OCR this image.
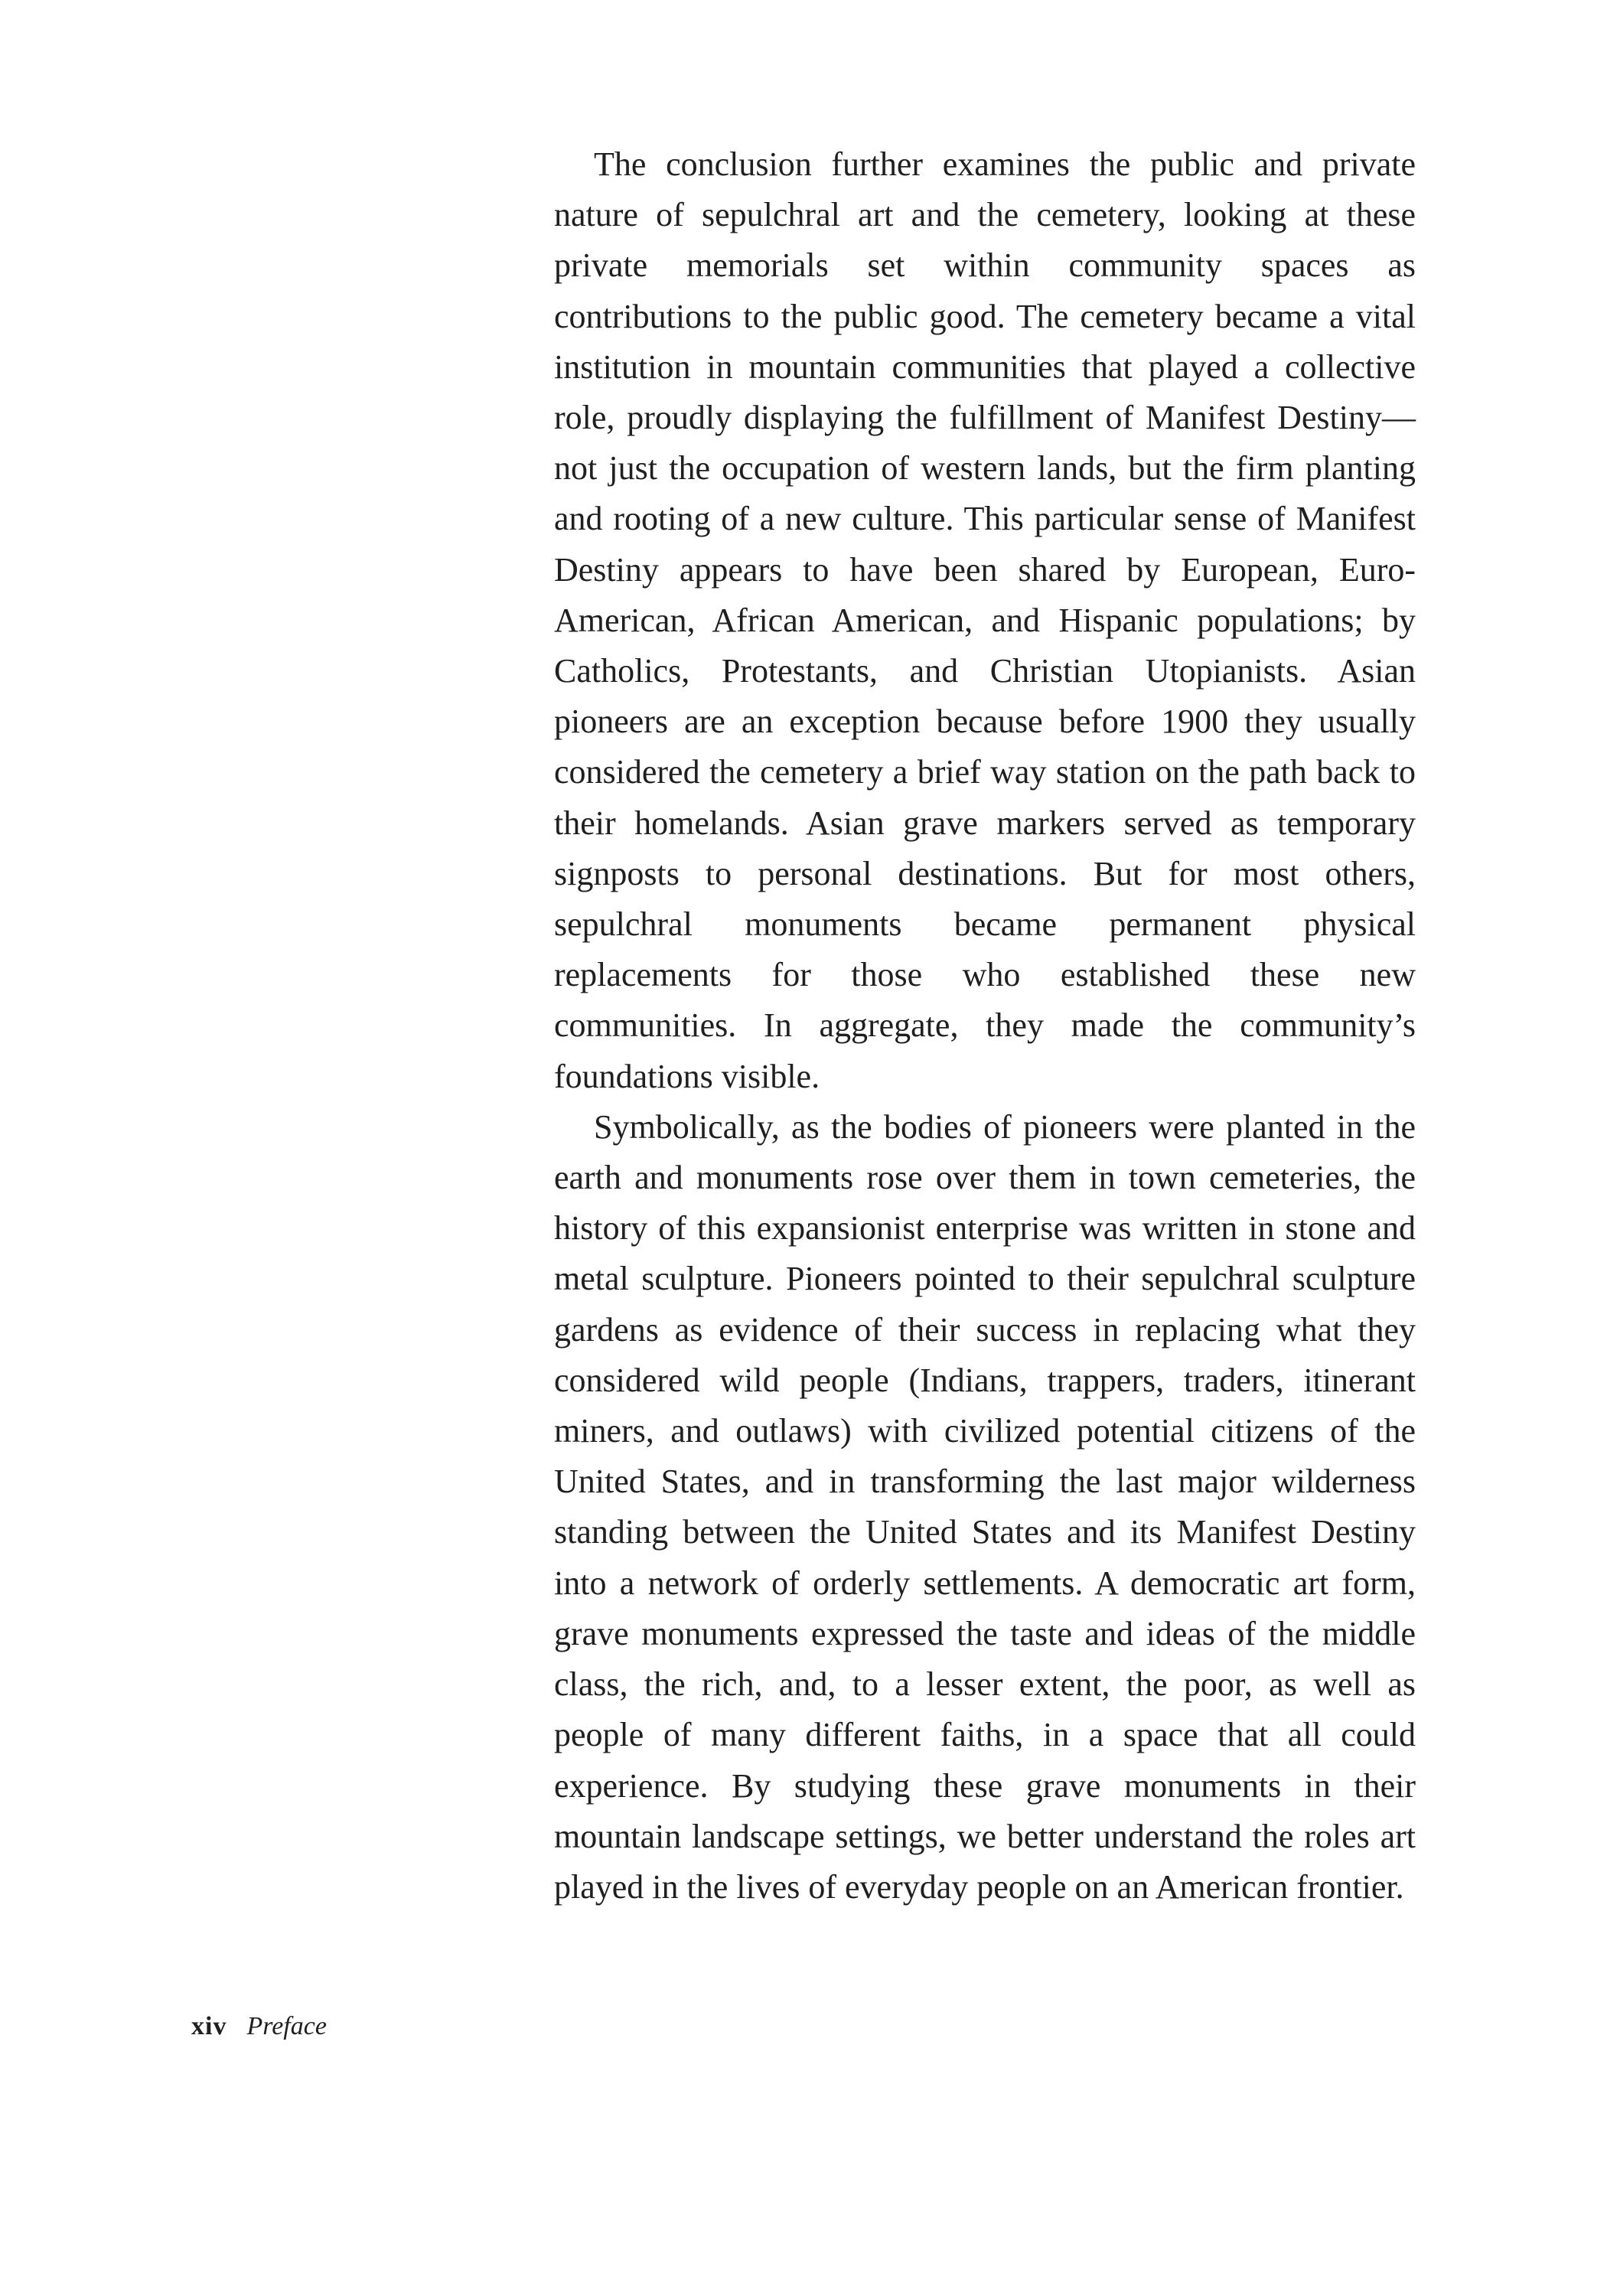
The conclusion further examines the public and private nature of sepulchral art and the cemetery, looking at these private memorials set within community spaces as contributions to the public good. The cemetery became a vital institution in mountain communities that played a collective role, proudly displaying the fulfillment of Manifest Destiny—not just the occupation of western lands, but the firm planting and rooting of a new culture. This particular sense of Manifest Destiny appears to have been shared by European, Euro-American, African American, and Hispanic populations; by Catholics, Protestants, and Christian Utopianists. Asian pioneers are an exception because before 1900 they usually considered the cemetery a brief way station on the path back to their homelands. Asian grave markers served as temporary signposts to personal destinations. But for most others, sepulchral monuments became permanent physical replacements for those who established these new communities. In aggregate, they made the community’s foundations visible.

Symbolically, as the bodies of pioneers were planted in the earth and monuments rose over them in town cemeteries, the history of this expansionist enterprise was written in stone and metal sculpture. Pioneers pointed to their sepulchral sculpture gardens as evidence of their success in replacing what they considered wild people (Indians, trappers, traders, itinerant miners, and outlaws) with civilized potential citizens of the United States, and in transforming the last major wilderness standing between the United States and its Manifest Destiny into a network of orderly settlements. A democratic art form, grave monuments expressed the taste and ideas of the middle class, the rich, and, to a lesser extent, the poor, as well as people of many different faiths, in a space that all could experience. By studying these grave monuments in their mountain landscape settings, we better understand the roles art played in the lives of everyday people on an American frontier.

xiv Preface
